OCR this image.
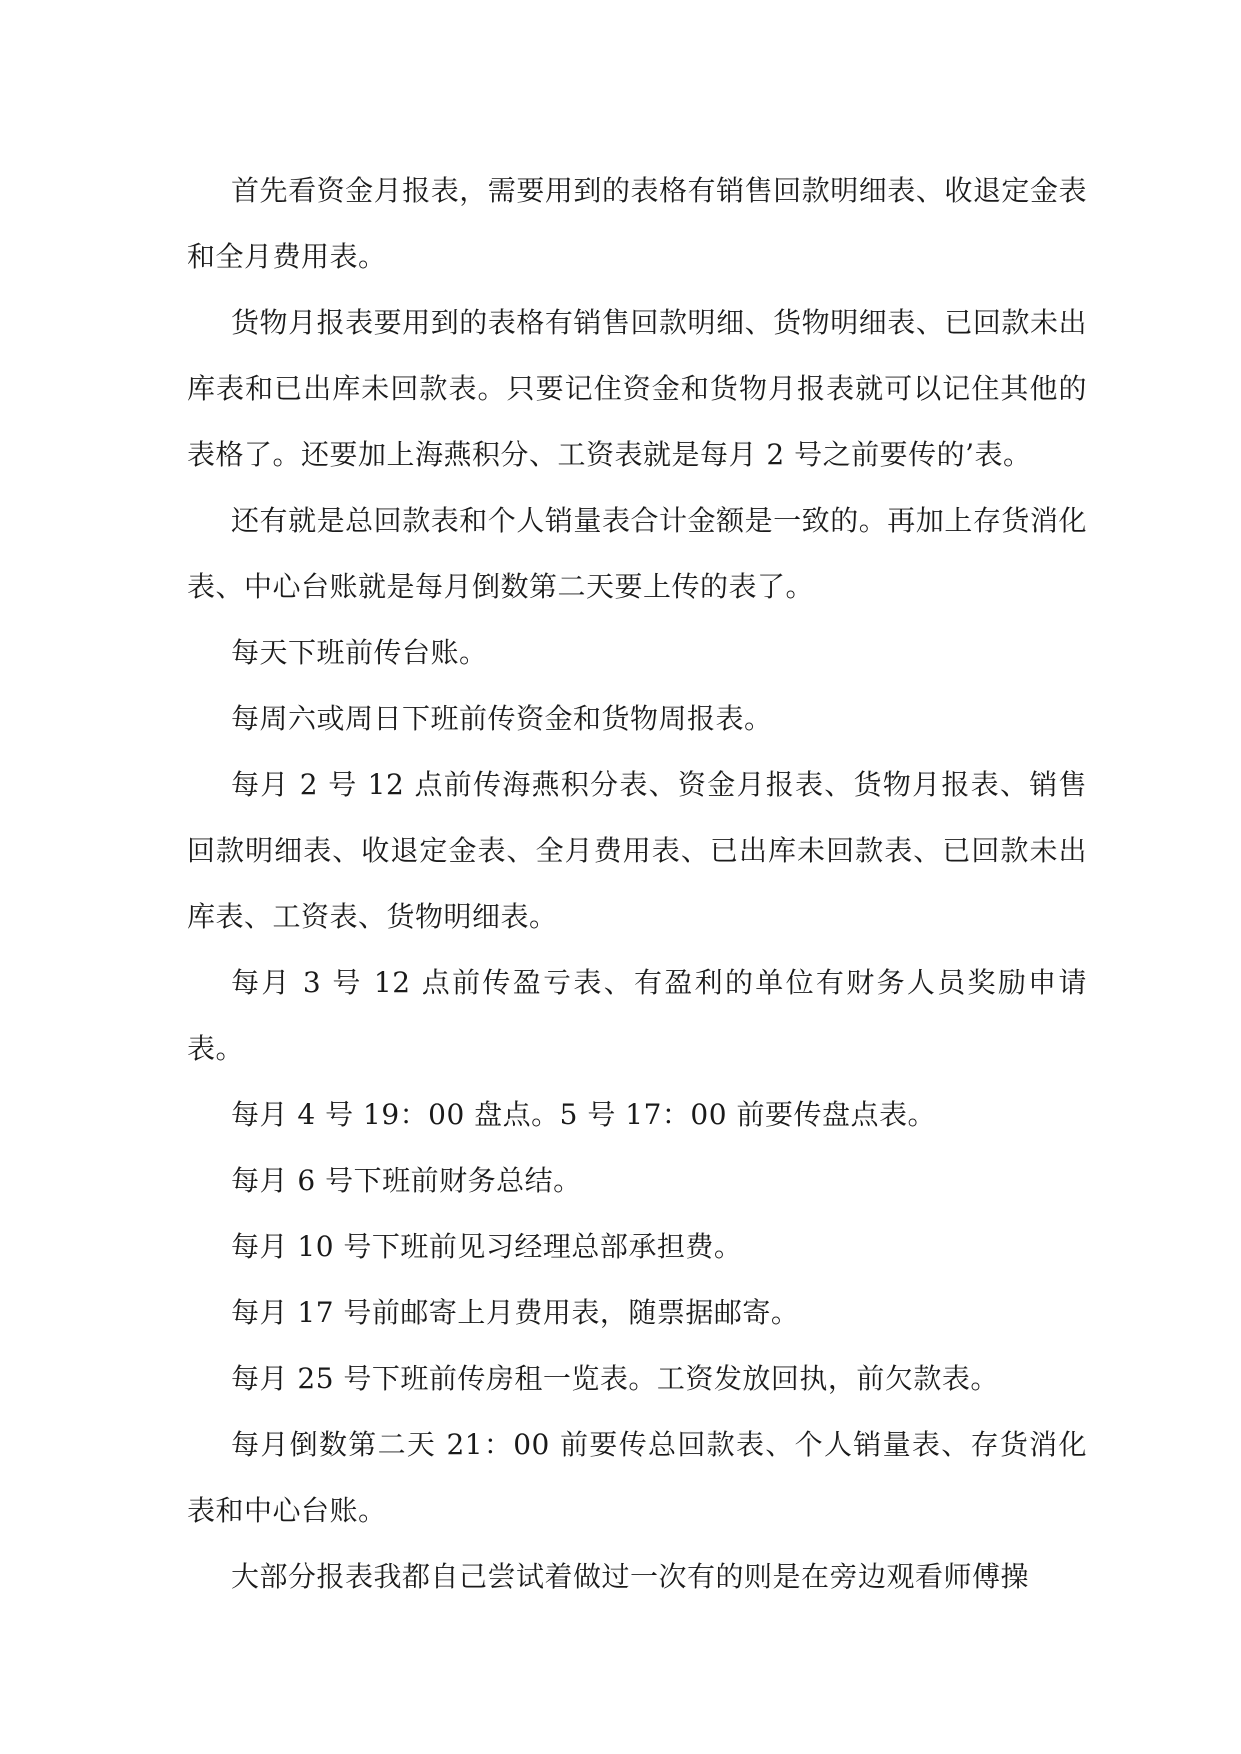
首先看资金月报表，需要用到的表格有销售回款明细表、收退定金表和全月费用表。

货物月报表要用到的表格有销售回款明细、货物明细表、已回款未出库表和已出库未回款表。只要记住资金和货物月报表就可以记住其他的表格了。还要加上海燕积分、工资表就是每月 2 号之前要传的’表。

还有就是总回款表和个人销量表合计金额是一致的。再加上存货消化表、中心台账就是每月倒数第二天要上传的表了。

每天下班前传台账。

每周六或周日下班前传资金和货物周报表。

每月 2 号 12 点前传海燕积分表、资金月报表、货物月报表、销售回款明细表、收退定金表、全月费用表、已出库未回款表、已回款未出库表、工资表、货物明细表。

每月 3 号 12 点前传盈亏表、有盈利的单位有财务人员奖励申请表。

每月 4 号 19：00 盘点。5 号 17：00 前要传盘点表。

每月 6 号下班前财务总结。

每月 10 号下班前见习经理总部承担费。

每月 17 号前邮寄上月费用表，随票据邮寄。

每月 25 号下班前传房租一览表。工资发放回执，前欠款表。

每月倒数第二天 21：00 前要传总回款表、个人销量表、存货消化表和中心台账。

大部分报表我都自己尝试着做过一次有的则是在旁边观看师傅操
